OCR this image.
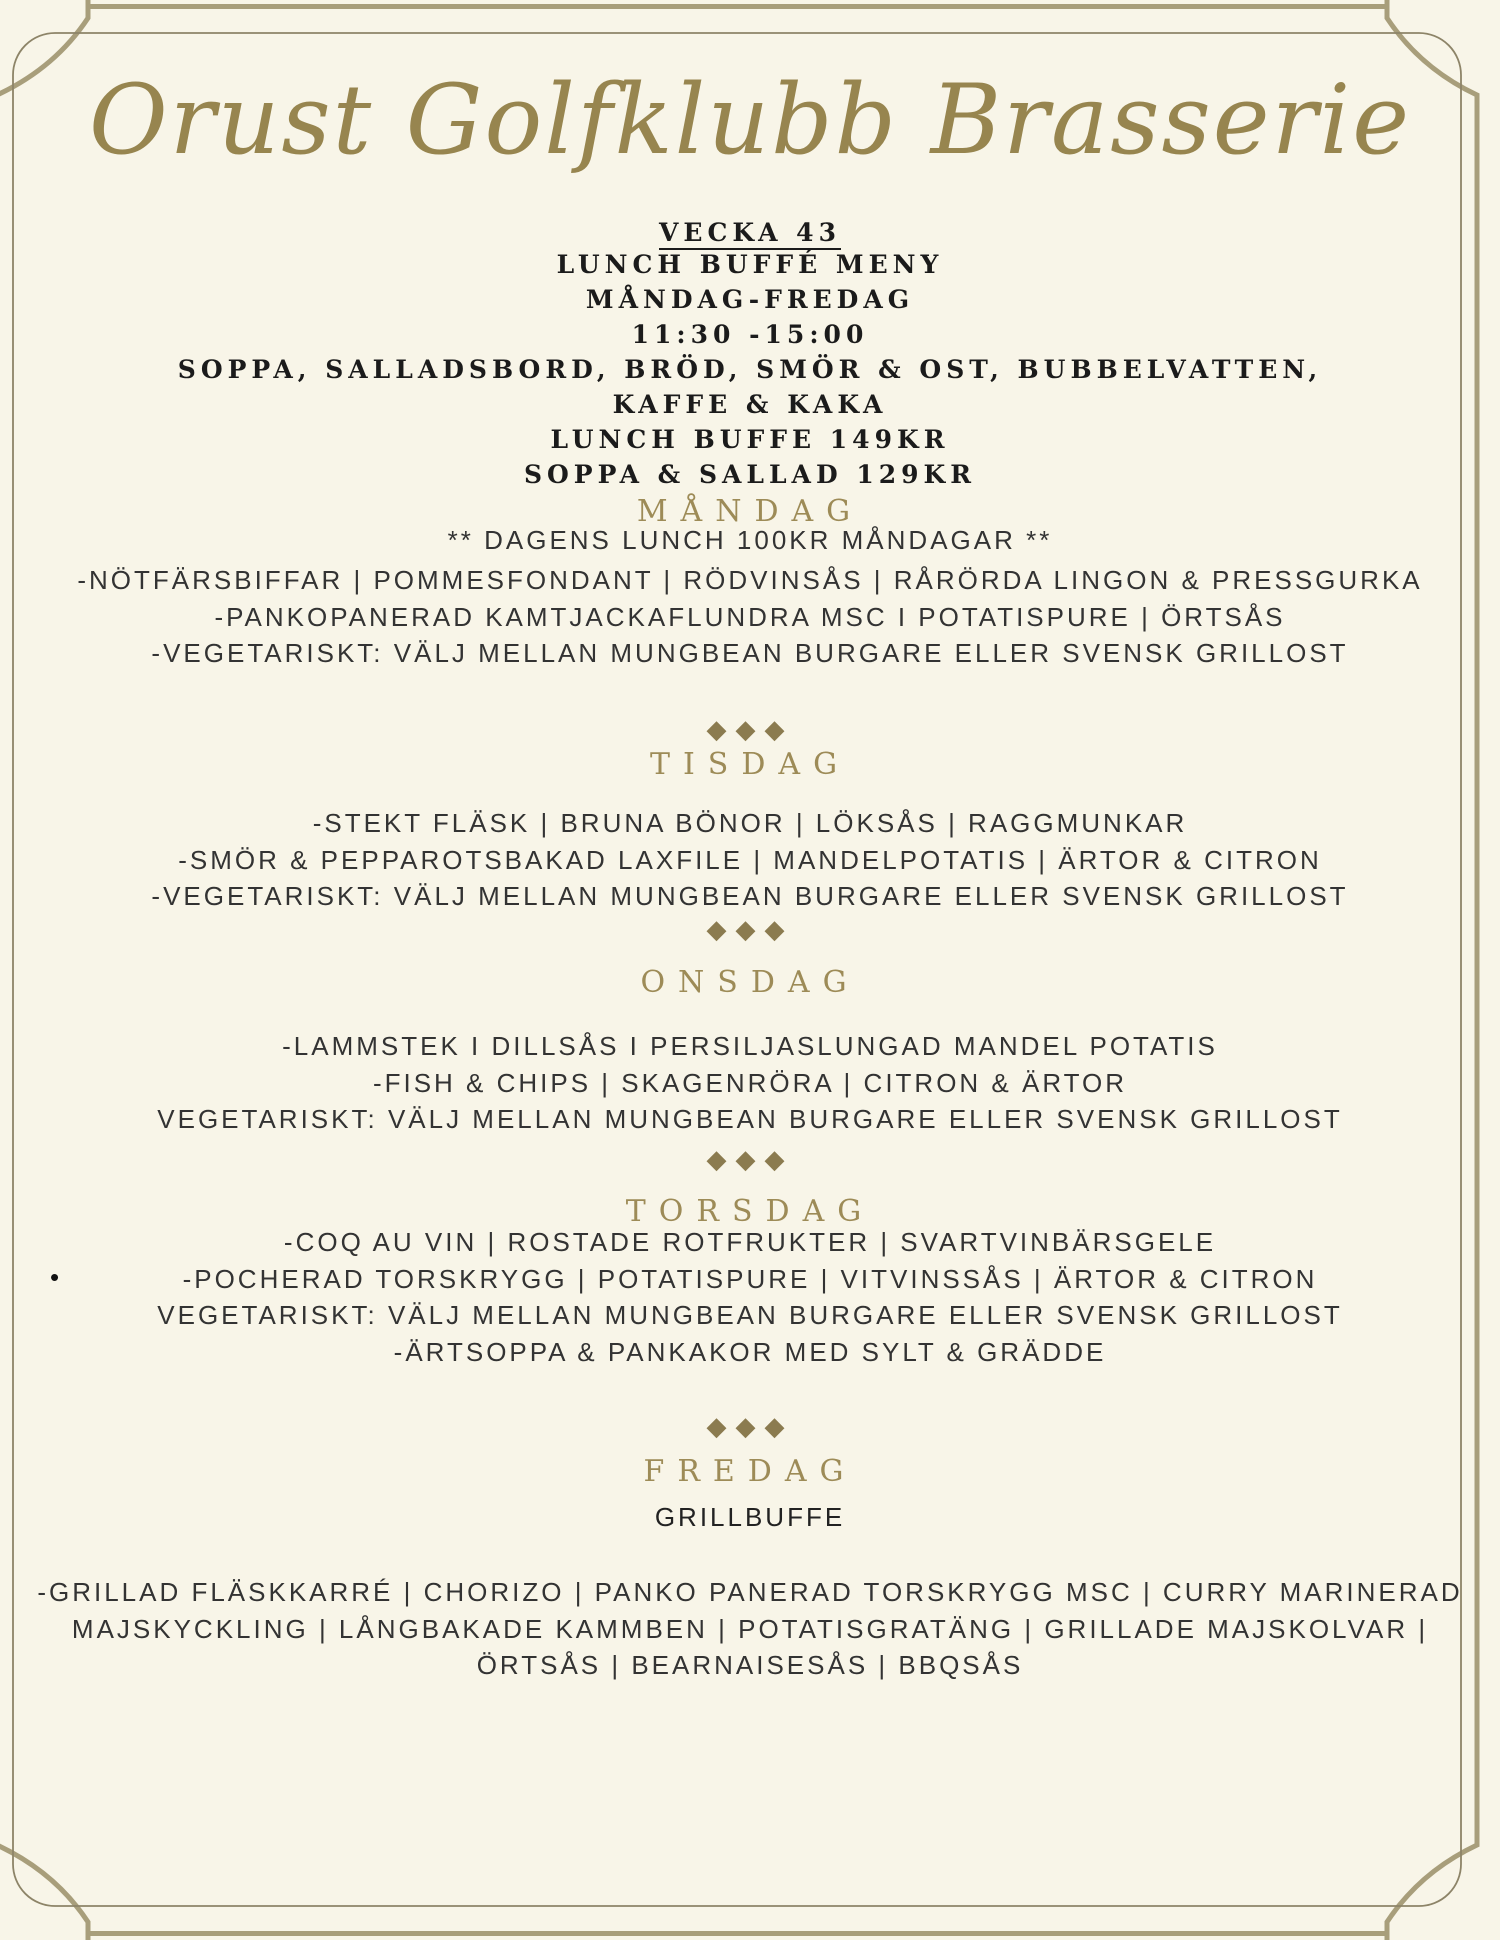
Orust Golfklubb Brasserie
VECKA 43
LUNCH BUFFÉ MENY
MÅNDAG-FREDAG
11:30 -15:00
SOPPA, SALLADSBORD, BRÖD, SMÖR & OST, BUBBELVATTEN,
KAFFE & KAKA
LUNCH BUFFE 149KR
SOPPA & SALLAD 129KR
MÅNDAG
** DAGENS LUNCH 100KR MÅNDAGAR **
-NÖTFÄRSBIFFAR | POMMESFONDANT | RÖDVINSÅS | RÅRÖRDA LINGON & PRESSGURKA
-PANKOPANERAD KAMTJACKAFLUNDRA MSC I POTATISPURE | ÖRTSÅS
-VEGETARISKT: VÄLJ MELLAN MUNGBEAN BURGARE ELLER SVENSK GRILLOST
◆◆◆
TISDAG
-STEKT FLÄSK | BRUNA BÖNOR | LÖKSÅS | RAGGMUNKAR
-SMÖR & PEPPAROTSBAKAD LAXFILE | MANDELPOTATIS | ÄRTOR & CITRON
-VEGETARISKT: VÄLJ MELLAN MUNGBEAN BURGARE ELLER SVENSK GRILLOST
◆◆◆
ONSDAG
-LAMMSTEK I DILLSÅS I PERSILJASLUNGAD MANDEL POTATIS
-FISH & CHIPS | SKAGENRÖRA | CITRON & ÄRTOR
VEGETARISKT: VÄLJ MELLAN MUNGBEAN BURGARE ELLER SVENSK GRILLOST
◆◆◆
TORSDAG
-COQ AU VIN | ROSTADE ROTFRUKTER | SVARTVINBÄRSGELE
-POCHERAD TORSKRYGG | POTATISPURE | VITVINSSÅS | ÄRTOR & CITRON
VEGETARISKT: VÄLJ MELLAN MUNGBEAN BURGARE ELLER SVENSK GRILLOST
-ÄRTSOPPA & PANKAKOR MED SYLT & GRÄDDE
•
◆◆◆
FREDAG
GRILLBUFFE
-GRILLAD FLÄSKKARRÉ | CHORIZO | PANKO PANERAD TORSKRYGG MSC | CURRY MARINERAD MAJSKYCKLING | LÅNGBAKADE KAMMBEN | POTATISGRATÄNG | GRILLADE MAJSKOLVAR | ÖRTSÅS | BEARNAISESÅS | BBQSÅS
